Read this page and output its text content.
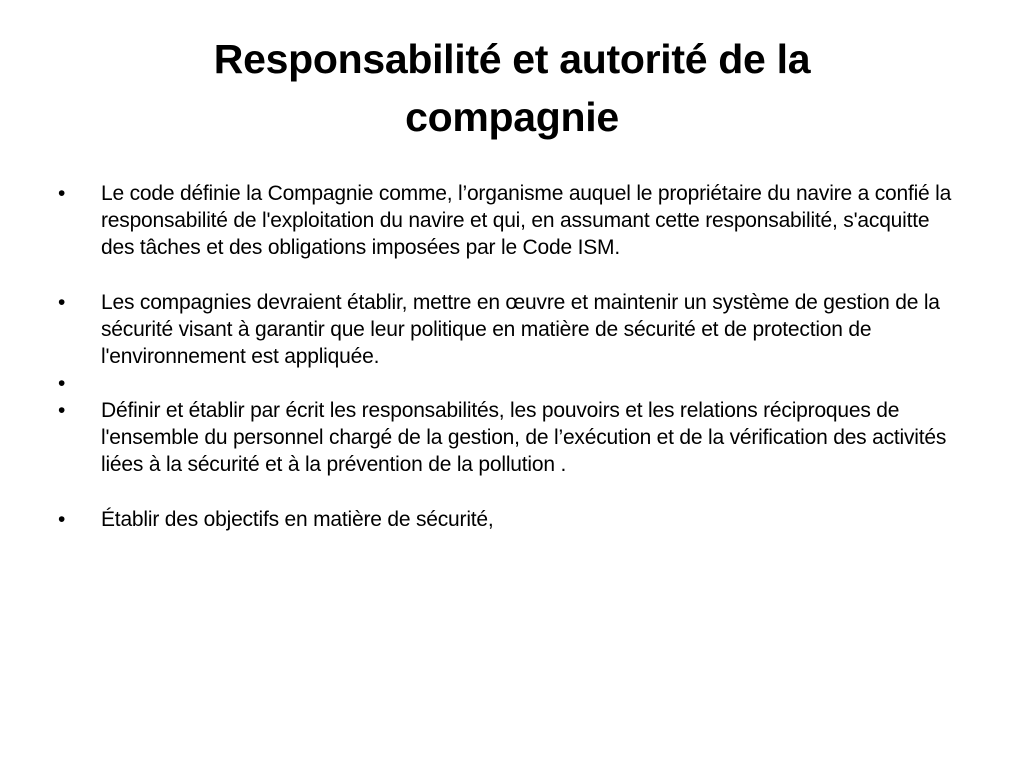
Responsabilité et autorité de la
compagnie
• Le code définie la Compagnie comme, l’organisme auquel le propriétaire du navire a confié la responsabilité de l'exploitation du navire et qui, en assumant cette responsabilité, s'acquitte des tâches et des obligations imposées par le Code ISM.
• Les compagnies devraient établir, mettre en œuvre et maintenir un système de gestion de la sécurité visant à garantir que leur politique en matière de sécurité et de protection de l'environnement est appliquée.
•
• Définir et établir par écrit les responsabilités, les pouvoirs et les relations réciproques de l'ensemble du personnel chargé de la gestion, de l’exécution et de la vérification des activités liées à la sécurité et à la prévention de la pollution .
• Établir des objectifs en matière de sécurité,
